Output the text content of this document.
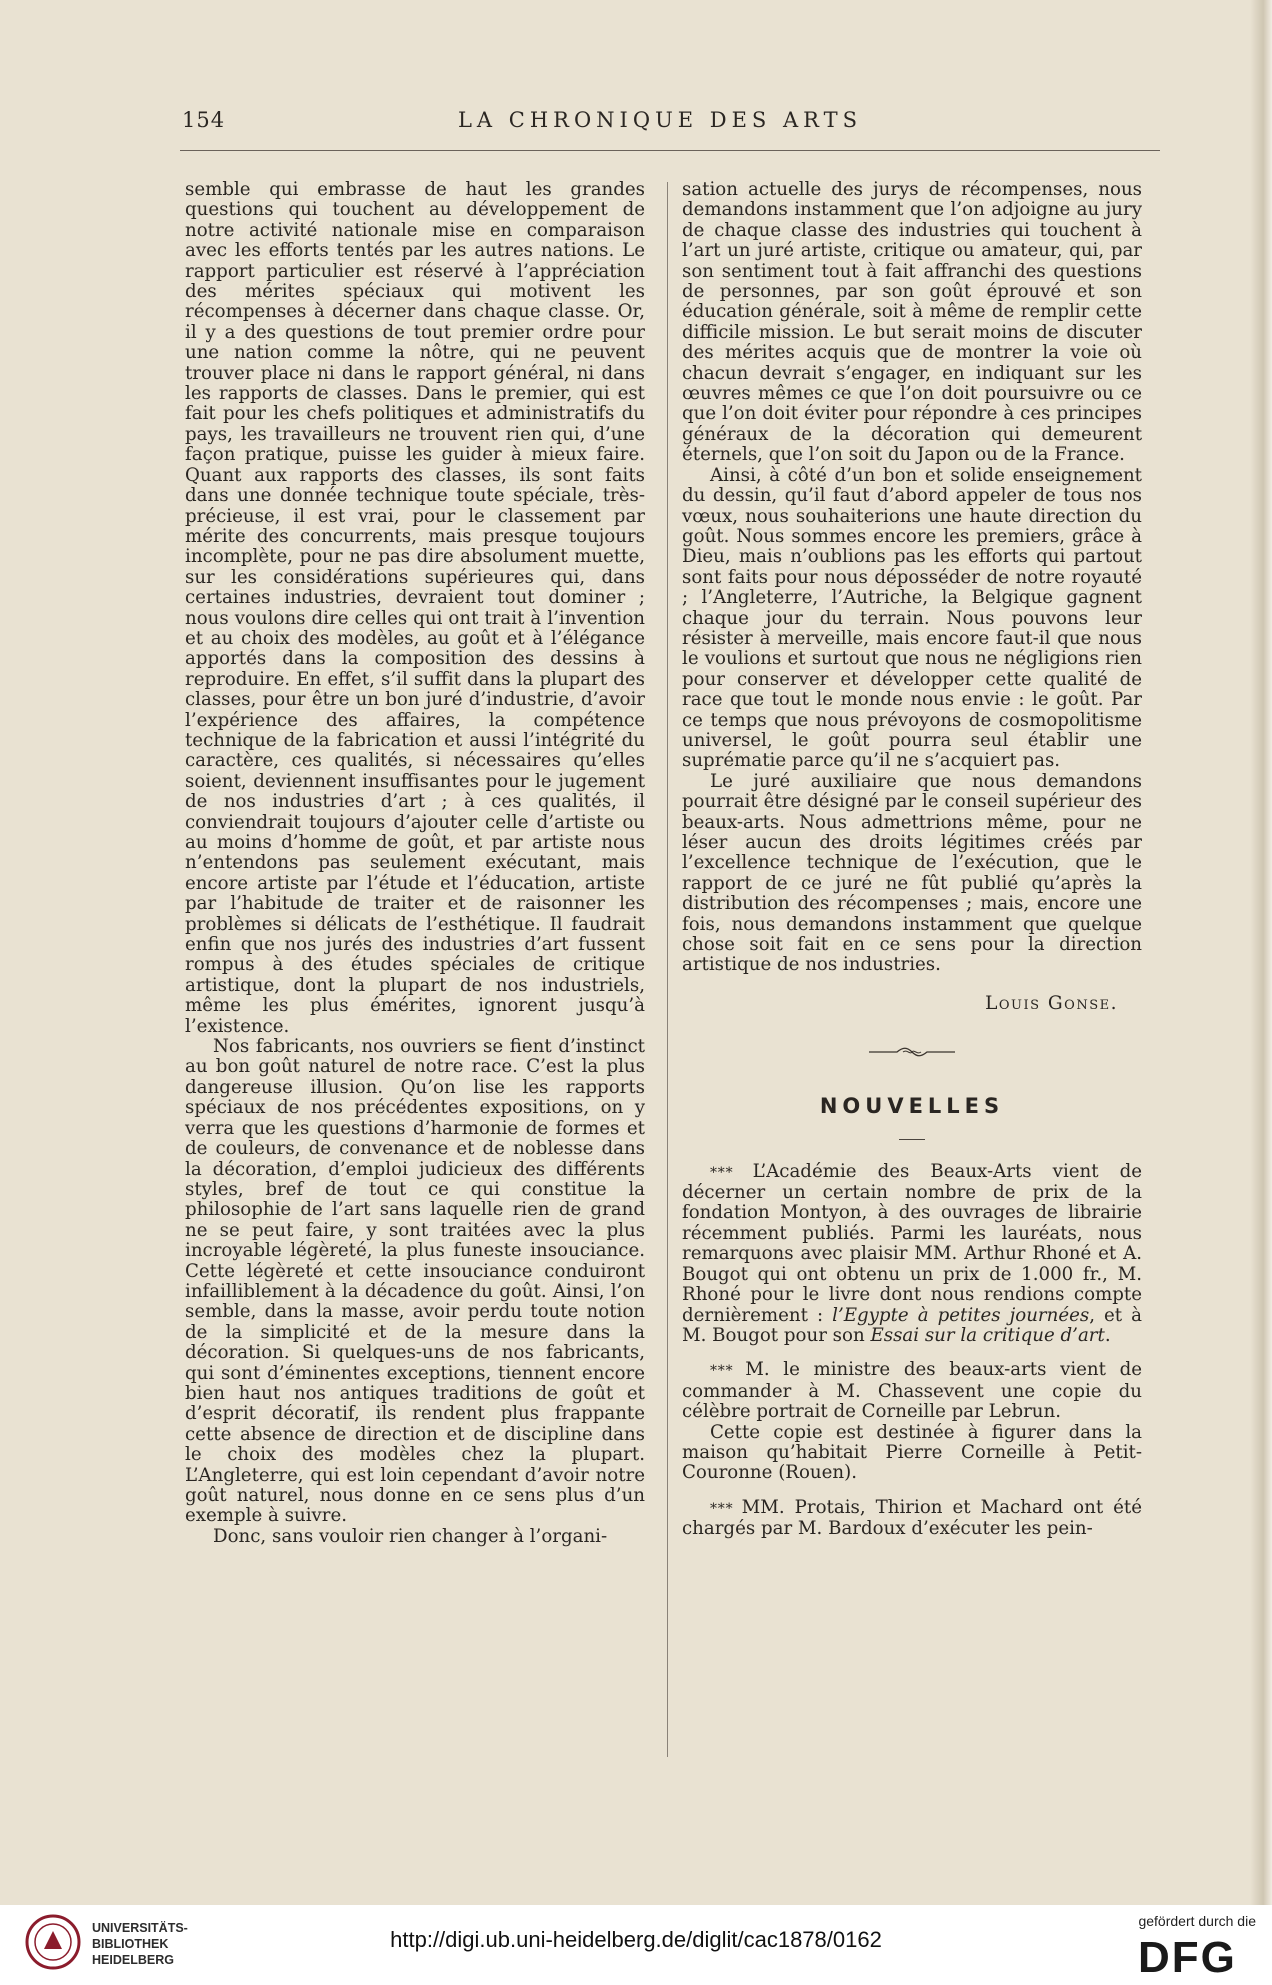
154	LA CHRONIQUE DES ARTS

semble qui embrasse de haut les grandes questions qui touchent au développement de notre activité nationale mise en comparaison avec les efforts tentés par les autres nations. Le rapport particulier est réservé à l’appréciation des mérites spéciaux qui motivent les récompenses à décerner dans chaque classe. Or, il y a des questions de tout premier ordre pour une nation comme la nôtre, qui ne peuvent trouver place ni dans le rapport général, ni dans les rapports de classes. Dans le premier, qui est fait pour les chefs politiques et administratifs du pays, les travailleurs ne trouvent rien qui, d’une façon pratique, puisse les guider à mieux faire. Quant aux rapports des classes, ils sont faits dans une donnée technique toute spéciale, très-précieuse, il est vrai, pour le classement par mérite des concurrents, mais presque toujours incomplète, pour ne pas dire absolument muette, sur les considérations supérieures qui, dans certaines industries, devraient tout dominer ; nous voulons dire celles qui ont trait à l’invention et au choix des modèles, au goût et à l’élégance apportés dans la composition des dessins à reproduire. En effet, s’il suffit dans la plupart des classes, pour être un bon juré d’industrie, d’avoir l’expérience des affaires, la compétence technique de la fabrication et aussi l’intégrité du caractère, ces qualités, si nécessaires qu’elles soient, deviennent insuffisantes pour le jugement de nos industries d’art ; à ces qualités, il conviendrait toujours d’ajouter celle d’artiste ou au moins d’homme de goût, et par artiste nous n’entendons pas seulement exécutant, mais encore artiste par l’étude et l’éducation, artiste par l’habitude de traiter et de raisonner les problèmes si délicats de l’esthétique. Il faudrait enfin que nos jurés des industries d’art fussent rompus à des études spéciales de critique artistique, dont la plupart de nos industriels, même les plus émérites, ignorent jusqu’à l’existence.

Nos fabricants, nos ouvriers se fient d’instinct au bon goût naturel de notre race. C’est la plus dangereuse illusion. Qu’on lise les rapports spéciaux de nos précédentes expositions, on y verra que les questions d’harmonie de formes et de couleurs, de convenance et de noblesse dans la décoration, d’emploi judicieux des différents styles, bref de tout ce qui constitue la philosophie de l’art sans laquelle rien de grand ne se peut faire, y sont traitées avec la plus incroyable légèreté, la plus funeste insouciance. Cette légèreté et cette insouciance conduiront infailliblement à la décadence du goût. Ainsi, l’on semble, dans la masse, avoir perdu toute notion de la simplicité et de la mesure dans la décoration. Si quelques-uns de nos fabricants, qui sont d’éminentes exceptions, tiennent encore bien haut nos antiques traditions de goût et d’esprit décoratif, ils rendent plus frappante cette absence de direction et de discipline dans le choix des modèles chez la plupart. L’Angleterre, qui est loin cependant d’avoir notre goût naturel, nous donne en ce sens plus d’un exemple à suivre.

Donc, sans vouloir rien changer à l’organi-

sation actuelle des jurys de récompenses, nous demandons instamment que l’on adjoigne au jury de chaque classe des industries qui touchent à l’art un juré artiste, critique ou amateur, qui, par son sentiment tout à fait affranchi des questions de personnes, par son goût éprouvé et son éducation générale, soit à même de remplir cette difficile mission. Le but serait moins de discuter des mérites acquis que de montrer la voie où chacun devrait s’engager, en indiquant sur les œuvres mêmes ce que l’on doit poursuivre ou ce que l’on doit éviter pour répondre à ces principes généraux de la décoration qui demeurent éternels, que l’on soit du Japon ou de la France.

Ainsi, à côté d’un bon et solide enseignement du dessin, qu’il faut d’abord appeler de tous nos vœux, nous souhaiterions une haute direction du goût. Nous sommes encore les premiers, grâce à Dieu, mais n’oublions pas les efforts qui partout sont faits pour nous déposséder de notre royauté ; l’Angleterre, l’Autriche, la Belgique gagnent chaque jour du terrain. Nous pouvons leur résister à merveille, mais encore faut-il que nous le voulions et surtout que nous ne négligions rien pour conserver et développer cette qualité de race que tout le monde nous envie : le goût. Par ce temps que nous prévoyons de cosmopolitisme universel, le goût pourra seul établir une suprématie parce qu’il ne s’acquiert pas.

Le juré auxiliaire que nous demandons pourrait être désigné par le conseil supérieur des beaux-arts. Nous admettrions même, pour ne léser aucun des droits légitimes créés par l’excellence technique de l’exécution, que le rapport de ce juré ne fût publié qu’après la distribution des récompenses ; mais, encore une fois, nous demandons instamment que quelque chose soit fait en ce sens pour la direction artistique de nos industries.

Louis Gonse.
NOUVELLES

* * * L’Académie des Beaux-Arts vient de décerner un certain nombre de prix de la fondation Montyon, à des ouvrages de librairie récemment publiés. Parmi les lauréats, nous remarquons avec plaisir MM. Arthur Rhoné et A. Bougot qui ont obtenu un prix de 1.000 fr., M. Rhoné pour le livre dont nous rendions compte dernièrement : l’Egypte à petites journées, et à M. Bougot pour son Essai sur la critique d’art.

* * * M. le ministre des beaux-arts vient de commander à M. Chassevent une copie du célèbre portrait de Corneille par Lebrun.

Cette copie est destinée à figurer dans la maison qu’habitait Pierre Corneille à Petit-Couronne (Rouen).

* * * MM. Protais, Thirion et Machard ont été chargés par M. Bardoux d’exécuter les pein-

UNIVERSITÄTS-
BIBLIOTHEK
HEIDELBERG
http://digi.ub.uni-heidelberg.de/diglit/cac1878/0162
gefördert durch die
DFG
